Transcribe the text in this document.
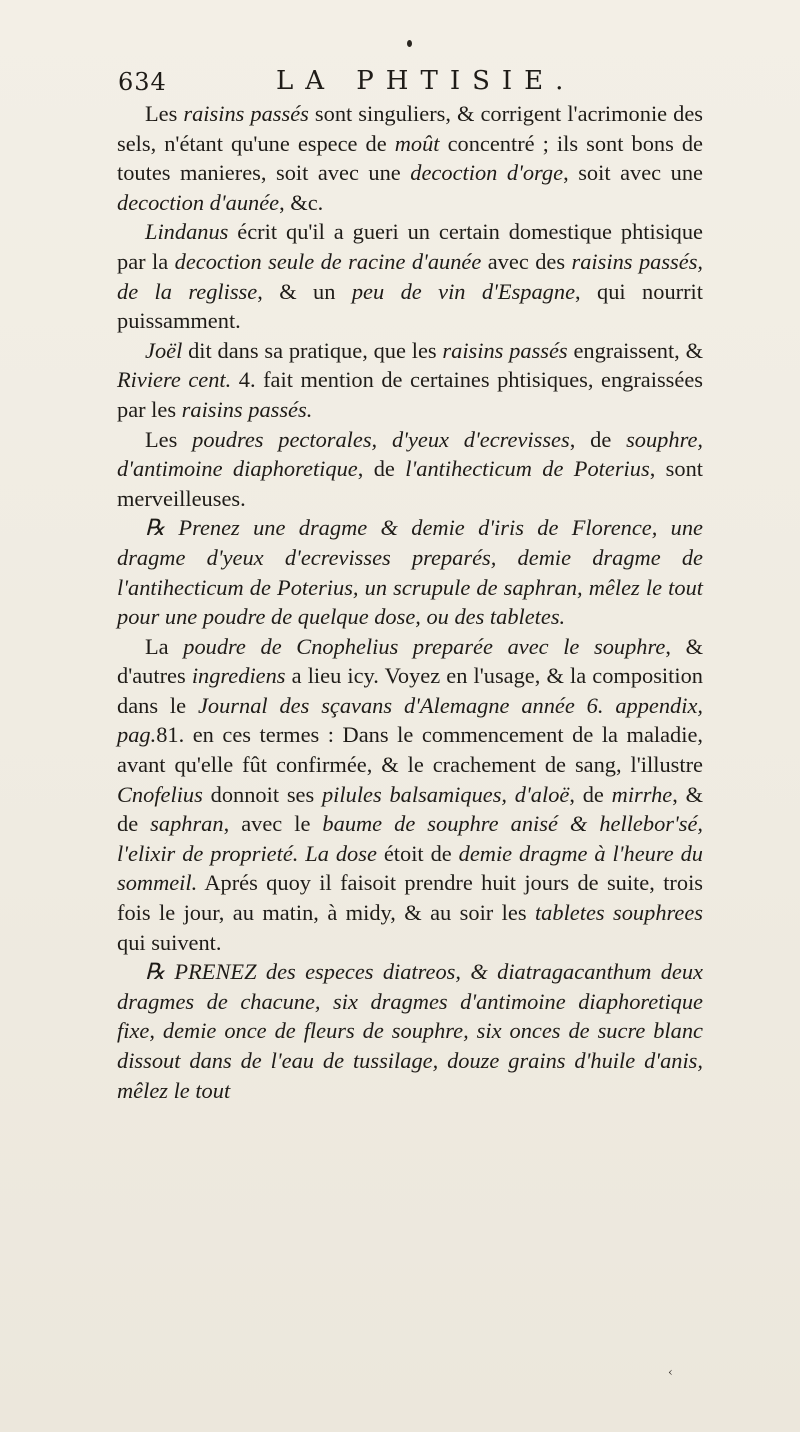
634	LA PHTISIE.

Les raisins passés sont singuliers, & corrigent l'acrimonie des sels, n'étant qu'une espece de moût concentré ; ils sont bons de toutes manieres, soit avec une decoction d'orge, soit avec une decoction d'aunée, &c.

Lindanus écrit qu'il a gueri un certain domestique phtisique par la decoction seule de racine d'aunée avec des raisins passés, de la reglisse, & un peu de vin d'Espagne, qui nourrit puissamment.

Joël dit dans sa pratique, que les raisins passés engraissent, & Riviere cent. 4. fait mention de certaines phtisiques, engraissées par les raisins passés.

Les poudres pectorales, d'yeux d'ecrevisses, de souphre, d'antimoine diaphoretique, de l'antihecticum de Poterius, sont merveilleuses.

℞ Prenez une dragme & demie d'iris de Florence, une dragme d'yeux d'ecrevisses preparés, demie dragme de l'antihecticum de Poterius, un scrupule de saphran, mêlez le tout pour une poudre de quelque dose, ou des tabletes.

La poudre de Cnophelius preparée avec le souphre, & d'autres ingrediens a lieu icy. Voyez en l'usage, & la composition dans le Journal des sçavans d'Alemagne année 6. appendix, pag.81. en ces termes : Dans le commencement de la maladie, avant qu'elle fût confirmée, & le crachement de sang, l'illustre Cnofelius donnoit ses pilules balsamiques, d'aloë, de mirrhe, & de saphran, avec le baume de souphre anisé & hellebor'sé, l'elixir de proprieté. La dose étoit de demie dragme à l'heure du sommeil. Aprés quoy il faisoit prendre huit jours de suite, trois fois le jour, au matin, à midy, & au soir les tabletes souphrees qui suivent.

℞ PRENEZ des especes diatreos, & diatragacanthum deux dragmes de chacune, six dragmes d'antimoine diaphoretique fixe, demie once de fleurs de souphre, six onces de sucre blanc dissout dans de l'eau de tussilage, douze grains d'huile d'anis, mêlez le tout

‹
